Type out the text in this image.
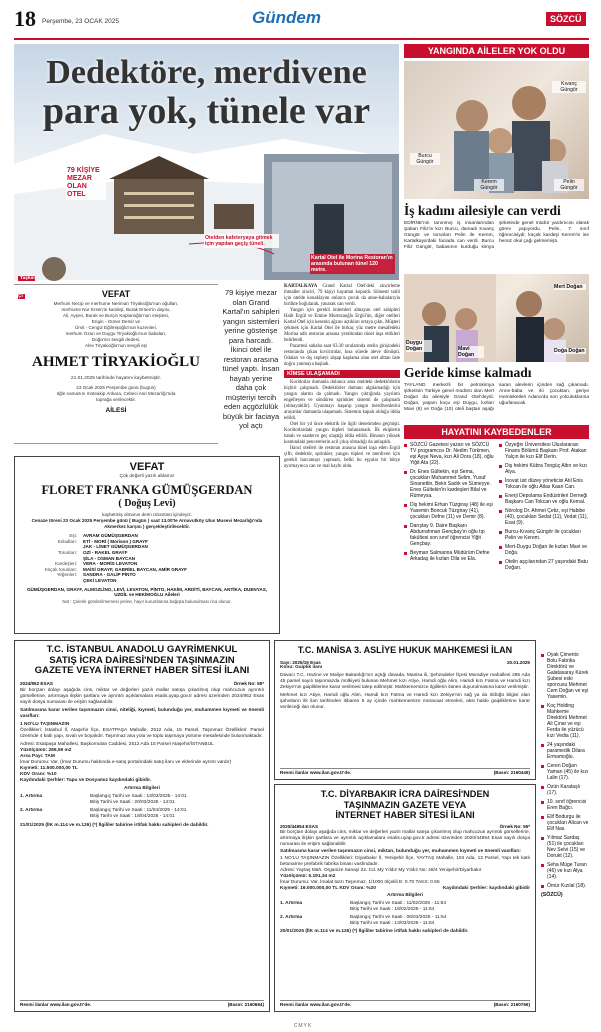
18 Perşembe, 23 OCAK 2025	Gündem	SÖZCÜ
Dedektöre, merdivene
para yok, tünele var
79 KİŞİYE MEZAR OLAN OTEL
Otelden kafeteryaya gitmek için yapılan geçiş tüneli.
Kartal Otel ile Morina Restoran'ın arasında bulunan tünel 120 metre.
Taşkın Çİ	VEFAT
Merhum Necip ve merhume Neriman Tiryakioğlu'nun oğulları,
merhume Nur Ersen'in kardeşi, Burak Ersen'in dayısı,
Ali, Ayşen, Burak ve Burçin Kaplanoğlu'nun eniştesi,
Engin - Güner Demir ve
Ümit - Cengiz Eğilmişoğlu'nun kuzenleri,
merhum Ozan ve Duygu Tiryakioğlu'nun babaları,
Doğa'nın sevgili dedesi,
Alev Tiryakioğlu'nun sevgili eşi
AHMET TİRYAKİOĞLU
21.01.2025 tarihinde hayatını kaybetmiştir.
23 Ocak 2025 Perşembe günü (bugün)
öğle namazını müteakip Ankara, Cebeci Asri Mezarlığı'nda
toprağa verilecektir.
AİLESİ
79 kişiye mezar olan Grand Kartal'ın sahipleri yangın sistemleri yerine gösterişe para harcadı. İkinci otel ile restoran arasına tünel yaptı. İnsan hayatı yerine daha çok müşteriyi tercih eden açgözlülük büyük bir faciaya yol açtı

KARTALKAYA Grand Kartal Otel'deki zincirleme ihmaller zinciri, 79 kişiyi hayattan kopardı. Sömestr tatili için otelde konaklayan onlarca çocuk da anne-babalarıyla birlikte boğularak, yanarak can verdi.

Yangın için gerekli önlemleri almayan otel sahipleri Halit Ergül ve Emine Murtezaoğlu Ergül'ün, diğer otelleri Kartal Otel için kesenin ağzını açtıkları ortaya çıktı. Müşteri çekmek için Kartal Otel ile birkaç yüz metre mesafedeki Morina adlı restoran arasına yeraltından tünel inşa ettikleri belirlendi.

Pazartesi sabaha saat 03.30 sıralarında otelin girişindeki restoranda çıkan kıvılcımlar, kısa sürede aleve dönüştü. Odaları ve dış cepheyi ahşap kaplama olan otel alttan üste doğru yanmaya başladı.

KİMSE ULAŞAMADI

Koridorlar dumanla dolunca ama oteldeki dedektörlerin hiçbiri çalışmadı. Dedektörler dumanı algılamadığı için yangın alarmı da çalmadı. Yangın çıktığında yayılımı engelleyen ve söndüren sprinkler sistemi de çalışmadı (olmayabilir). Uyanmayı başarıp yangın merdivenlerini arayanlar dumanda ulaşamadı. Sistemin kapalı olduğu iddia edildi.

Otel bir yıl önce elektrik ile ilgili denetimden geçmişti. Koridorlardaki yangın tüpleri bulunamadı. İlk ekiplerin hatalı ve saatlerce geç ulaştığı iddia edildi. Binanın yüksek kısmındaki pencerelerin acil çıkış olmadığı da anlaşıldı.

İkinci otelleri ile restoran arasına tünel inşa eden Ergül çifti, dedektör, sprinkler, yangın tüpleri ve merdiven için gerekli harcamayı yapmadı, belki bu eşyalar bir bütçe ayırmayınca can ve mal kaybı oldu.

VEFAT
Çok değerli yazılı ablamız
FLORET FRANKA GÜMÜŞGERDAN
( Doğuş Levi)
kaybetmiş olmanın derin üzüntüsü içindeyiz.
Cenaze töreni 23 Ocak 2025 Perşembe günü ( Bugün ) saat 13.00'te Arnavutköy Ulus Musevi Mezarlığı'nda Akmerkez karşısı ) gerçekleştirilecektir.
Eşi:	AVRAM GÜMÜŞGERDAN
Evladları:	ETİ - MORİ ( Morison ) GRAYF
JAK - LİNET GÜMÜŞGERDAN
Torunları:	OZİ - RAKEL GRAYF
ŞİLA - OSMAN BAYCAN
Kardeşleri:	VERA - MORİS LEVATON
Küçük torunları:	MAİSİ GRAYF, GABRİEL BAYCAN, AMİR GRAYF
Yeğenleri:	SANDRA - GALİP PİNTO
ÇEKİ LEVATON
GÜMÜŞGERDAN, GRAYF, ALMOZLİNO, LEVİ, LEVATON, PİNTO, HAKİM, ARDİTİ, BAYCAN, ANTİKA, DUENYAS, UZDİL ve HEKİMOĞLU Aileleri
Not : Çelenk gönderilmemesi yerine, hayır kurumlarına bağışta bulunulması rica olunur.
YANGINDA AİLELER YOK OLDU
Kıvanç Güngör
Burcu Güngör
Kerem Güngör
Pelin Güngör
İş kadını ailesiyle can verdi
EDİRNE'nin tanınmış iş insanlarından Şaban Filiz'in kızı Burcu, damadı Kıvanç Güngör ve torunları Pelin ile Kerem, Kartalkaya'daki faciada can verdi. Burcu Filiz Güngör, babasının kurduğu kimya şirketinde genel müdür yardımcısı olarak görev yapıyordu. Pelin, 7. sınıf öğrencisiydi; küçük kardeşi Kerem'in ise henüz okul çağı gelmemişti.
Mert Doğan
Duygu Doğan	Mavi Doğan
Doğa Doğan
Geride kimse kalmadı
TAYLAND merkezli bir petrokimya şirketinin Türkiye genel müdürü olan Mert Doğan da ailesiyle Grand Otel'deydi. Doğan, yaşam koçu eşi Duygu, kızları Mavi (8) ve Doğa (10) oteli baştan aşağı saran alevlerin içinden sağ çıkamadı. Anne-baba ve iki çocuktan, geriye memleketleri Adana'da son yolculuklarına uğurlanacak.
HAYATINI KAYBEDENLER
SÖZCÜ Gazetesi yazarı ve SÖZCÜ TV programcısı Dr. Nedim Türkmen, eşi Ayşe Neva, kızı Ali Dora (18), oğlu Yiğit Ata (22).
Dr. Enes Gültekin, eşi Sema, çocukları Muhammet Selim, Yusuf Sinanettin, Bekir Sadık ve Sümeyye. Enes Gültekin'in kardeşleri Bilal ve Rümeysa.
Diş hekimi Erhan Tüzgiray (48) ile eşi Yasemin Boncuk Tüzgiray (41), çocukları Defne (11) ve Demir (8).
Darıştay 9. Daire Başkanı Abdurrahman Gençbay'ın oğlu tıp fakültesi son sınıf öğrencisi Yiğit Gençbay.
Beyman Salmanna Müdürüm Defne Arkadaş ile kızları Dila ve Ela.
Özyeğin Üniversitesi Uluslararası Finans Bölümü Başkanı Prof. Atakan Yalçın ile kızı Elif Derin.
Diş hekimi Kübra Tongüç Altın ve kızı Alya.
İnovat üst düzey yöneticisi Atıl Enis Tokcan ile oğlu Atlas Kaan Can.
Enerji Depolama Endüstrileri Derneği Başkanı Can Tokcan ve oğlu Kemal.
Nörolog Dr. Ahmet Çetiz, eşi Habibe (40), çocukları Sedat (11), Vedat (11), Esat (9).
Burcu-Kıvanç Güngör ile çocukları Pelin ve Kerem.
Mert-Duygu Doğan ile kızları Mavi ve Doğa.
Otelin aşçılarından 27 yaşındaki Batu Doğan.
Oyak Çimento Bolu Fabrika Direktörü ve Galatasaray Kürek Şubesi eski sporcusu Mehmet Cem Doğan ve eşi Yasemin.
Koç Holding Mahkeme Direktörü Mehmet Ali Çınar ve eşi Ferda ile yüzücü kızı Vedia (11).
24 yaşındaki paramedik Dilara Ermamoğlu.
Ceren Doğan Yaman (45) ile kızı Lalin (17).
Ozün Karataşlı (17).
10. sınıf öğrencisi Eren Bağcı.
Elif Bodurgu ile çocukları Alican ve Elif Nas.
Yılmaz Sardaş (51) ile çocukları Nev Selvi (15) ve Dorukt (12).
Seha Müge Turan (46) ve kızı Alya (14).
Ömür Kızılal (18).
(SÖZCÜ)
T.C. İSTANBUL ANADOLU GAYRİMENKUL
SATIŞ İCRA DAİRESİ'NDEN TAŞINMAZIN
GAZETE VEYA İNTERNET HABER SİTESİ İLANI
2024/952 ESAS	Örnek No: 55*
Bir borçtan dolayı aşağıda cins, miktar ve değerleri yazılı mallar satışa çıkarılmış olup mahcuzun ayrıntılı görsellerine, artırmaya ilişkin şartlara ve ayrıntılı açıklamalara esatis.uyap.gov.tr adresi üzerinden 2024/952 Esas sayılı dosya numarası ile erişim sağlanabilir.
Satılmasına karar verilen taşınmazın cinsi, niteliği, kıymeti, bulunduğu yer, muhammen kıymeti ve önemli vasıfları:
1 NO'LU TAŞINMAZIN
Özellikleri: İstanbul İl, Ataşehir İlçe, ESATPAŞA Mahalle, 2512 Ada, 15 Parsel, Taşınmaz Özellikleri: Parsel üzerinde 4 katlı yapı, sıvalı ve boyalıdır. Taşınmaz ana yola ve toplu taşımaya yürüme mesafesinde bulunmaktadır.
Adresi: Esatpaşa Mahallesi, Başkomutan Caddesi, 2512 Ada 15 Parsel Ataşehir/İSTANBUL
Yüzölçümü: 286,59 m2
Arsa Payı: TAM
İmar Durumu: Var, (İmar Durumu hakkında e-satış portalındaki satış ilanı ve eklerinde ayrıntı vardır)
Kıymeti: 11.500.000,00 TL
KDV Oranı: %10
Kaydındaki Şerhler: Tapu ve Dosyamız kaydındaki gibidir.
Artırma Bilgileri
1. Artırma	Başlangıç Tarihi ve Saati : 13/03/2025 - 14:01
Bitiş Tarihi ve Saati : 20/03/2025 - 14:01
2. Artırma	Başlangıç Tarihi ve Saati : 11/04/2025 - 14:01
Bitiş Tarihi ve Saati : 18/04/2025 - 14:01
21/01/2025 (İİK m.114 ve m.126) (*) İlgililer tabirine irtifak hakkı sahipleri de dahildir.
Resmi ilanlar www.ilan.gov.tr'de.	(Basın: 2160684)
T.C. MANİSA 3. ASLİYE HUKUK MAHKEMESİ İLAN
Sayı: 2025/19 Esas	20.01.2025
Konu: Gaiplik ilanı
Davacı T.C. Hazine ve Maliye Bakanlığı'nın açtığı davada, Manisa ili, Şehzadeler İlçesi Muradiye mahallesi 285 Ada 45 parsel sayılı taşınmazda mülkiyeti bulunan Mehmet kızı Atiye, Hamdi oğlu Alim, Hamdi kızı Fatma ve Hamdi kızı Zekiye'nin gaipliklerine karar verilmesi talep edilmiştir. Mahkememizce ilgililerin ilanen duyurulmasına karar verilmiştir.
Mehmet kızı Atiye, Hamdi oğlu Alim, Hamdi kızı Fatma ve Hamdi kızı Zekiye'nin sağ ya da öldüğü bilgisi olan şahısların ilk ilan tarihinden itibaren 6 ay içinde mahkememize müracaat etmeleri, aksi halde gaipliklerine karar verileceği ilan olunur.
Resmi ilanlar www.ilan.gov.tr'de.	(Basın: 2160449)
T.C. DİYARBAKIR İCRA DAİRESİ'NDEN
TAŞINMAZIN GAZETE VEYA
İNTERNET HABER SİTESİ İLANI
2020/44954 ESAS	Örnek No: 55*
Bir borçtan dolayı aşağıda cins, miktar ve değerleri yazılı mallar satışa çıkarılmış olup mahcuzun ayrıntılı görsellerine, artırmaya ilişkin şartlara ve ayrıntılı açıklamalara esatis.uyap.gov.tr adresi üzerinden 2020/44954 Esas sayılı dosya numarası ile erişim sağlanabilir.
Satılmasına karar verilen taşınmazın cinsi, miktarı, bulunduğu yer, muhammen kıymeti ve önemli vasıfları:
1 NO'LU TAŞINMAZIN Özellikleri: Diyarbakır İl, Yenişehir İlçe, YAYTAŞ Mahalle, 104 Ada, 13 Parsel, Yapı tek katlı betonarme prefabrik fabrika binası vasfındadır.
Adresi: Yaytaş Mah. Organize Sanayi 22. Cd. My Yıldız My Yıldız No: 48/4 Yenişehir/Diyarbakır
Yüzölçümü: 5.191,34 m2
İmar Durumu: Var, İmalat tarzı Taşınmaz, 1/1000 ölçekli E: 0.70 TAKS: 0.55
Kıymeti: 16.000.000,00 TL KDV Oranı: %20	Kaydındaki Şerhler: kaydındaki gibidir
Artırma Bilgileri
1. Artırma	Başlangıç Tarihi ve Saati : 11/02/2025 - 11:54
Bitiş Tarihi ve Saati : 18/02/2025 - 11:54
2. Artırma	Başlangıç Tarihi ve Saati : 06/03/2025 - 11:54
Bitiş Tarihi ve Saati : 13/03/2025 - 11:54
20/01/2025 (İİK m.114 ve m.126) (*) İlgililer tabirine irtifak hakkı sahipleri de dahildir.
Resmi ilanlar www.ilan.gov.tr'de.	(Basın: 2160766)
CMYK
